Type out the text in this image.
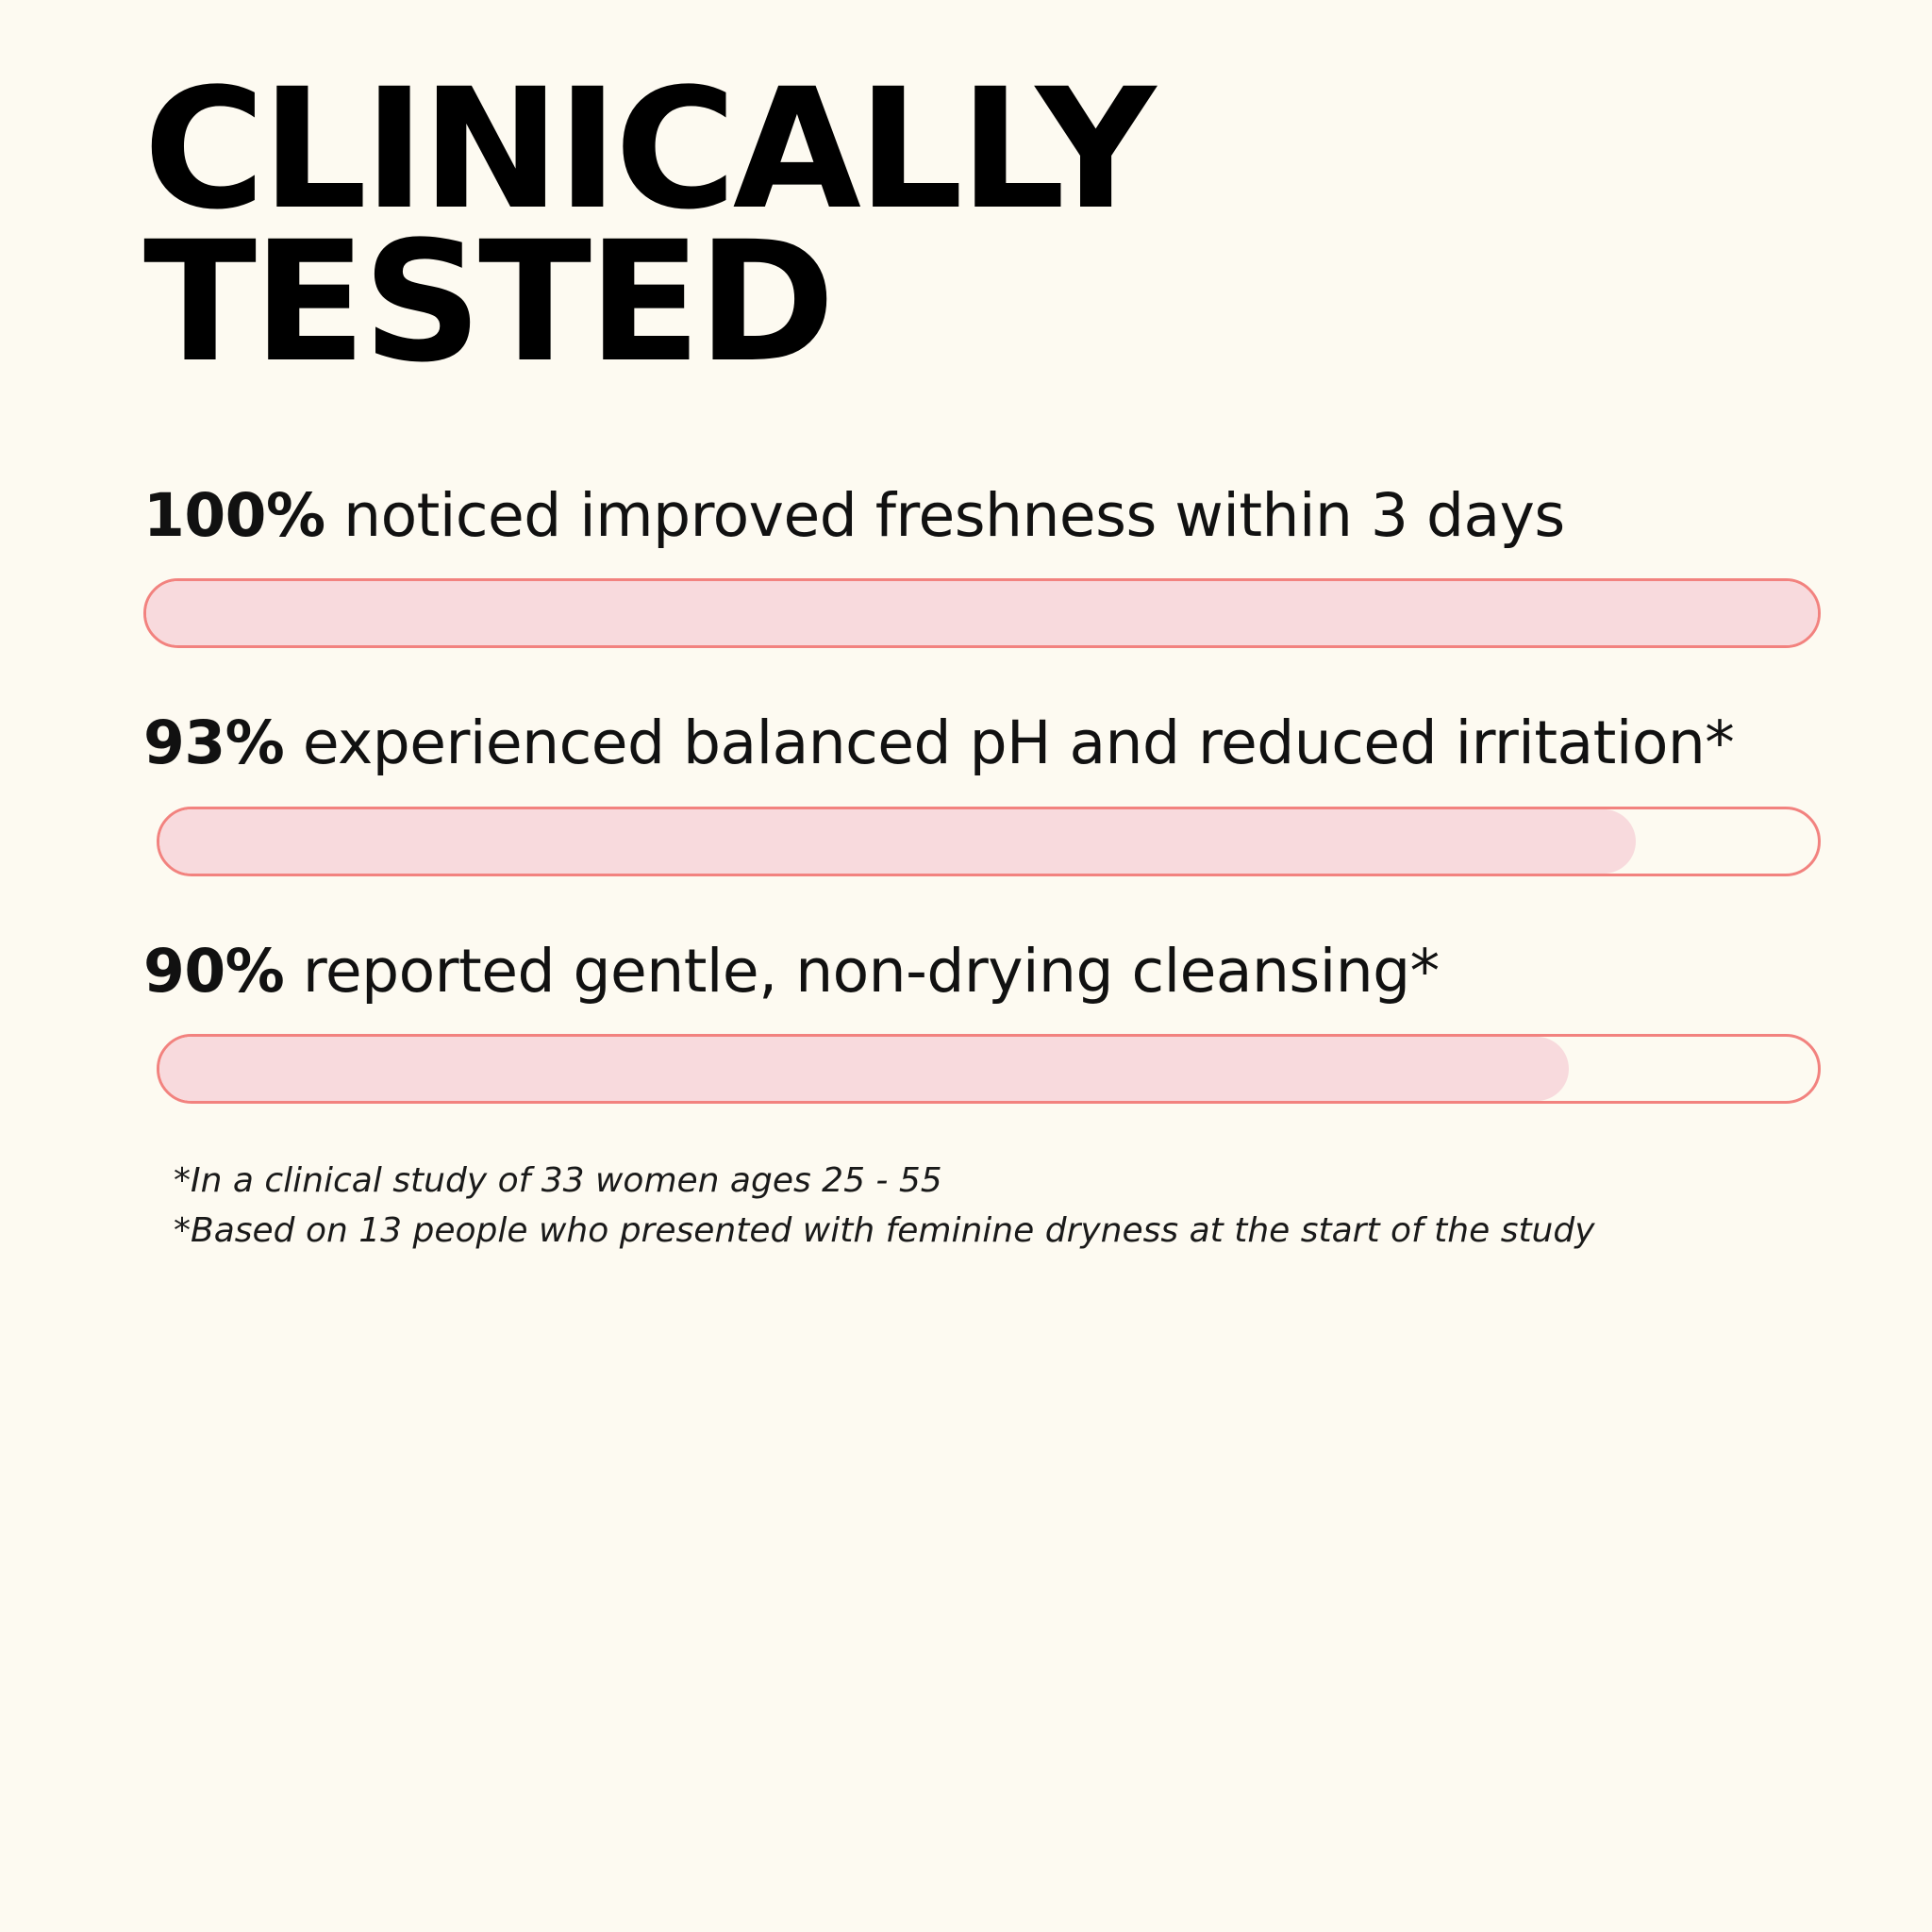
CLINICALLY
TESTED
100% noticed improved freshness within 3 days
93% experienced balanced pH and reduced irritation*
90% reported gentle, non-drying cleansing*
*In a clinical study of 33 women ages 25 - 55
*Based on 13 people who presented with feminine dryness at the start of the study
